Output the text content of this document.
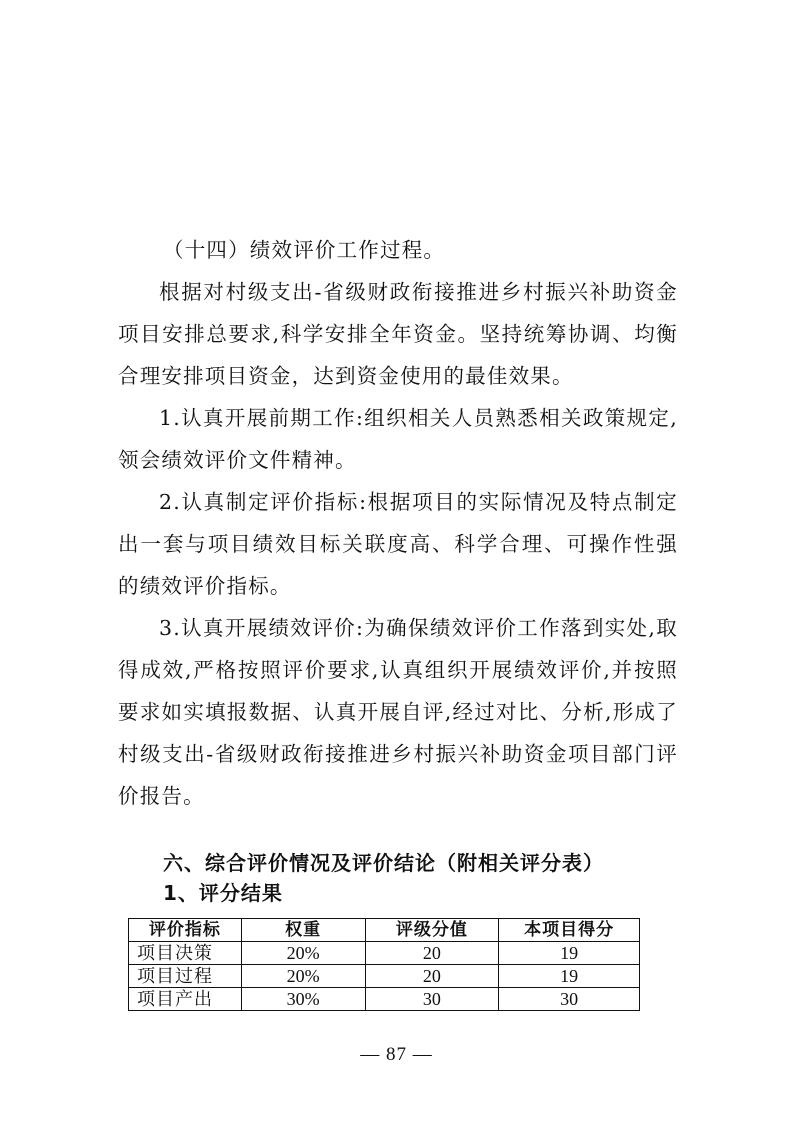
（十四）绩效评价工作过程。

根据对村级支出-省级财政衔接推进乡村振兴补助资金项目安排总要求,科学安排全年资金。坚持统筹协调、均衡合理安排项目资金，达到资金使用的最佳效果。

1.认真开展前期工作:组织相关人员熟悉相关政策规定,领会绩效评价文件精神。

2.认真制定评价指标:根据项目的实际情况及特点制定出一套与项目绩效目标关联度高、科学合理、可操作性强的绩效评价指标。

3.认真开展绩效评价:为确保绩效评价工作落到实处,取得成效,严格按照评价要求,认真组织开展绩效评价,并按照要求如实填报数据、认真开展自评,经过对比、分析,形成了村级支出-省级财政衔接推进乡村振兴补助资金项目部门评价报告。

六、综合评价情况及评价结论（附相关评分表）
1、评分结果
评价指标	权重	评级分值	本项目得分
项目决策	20%	20	19
项目过程	20%	20	19
项目产出	30%	30	30

— 87 —
